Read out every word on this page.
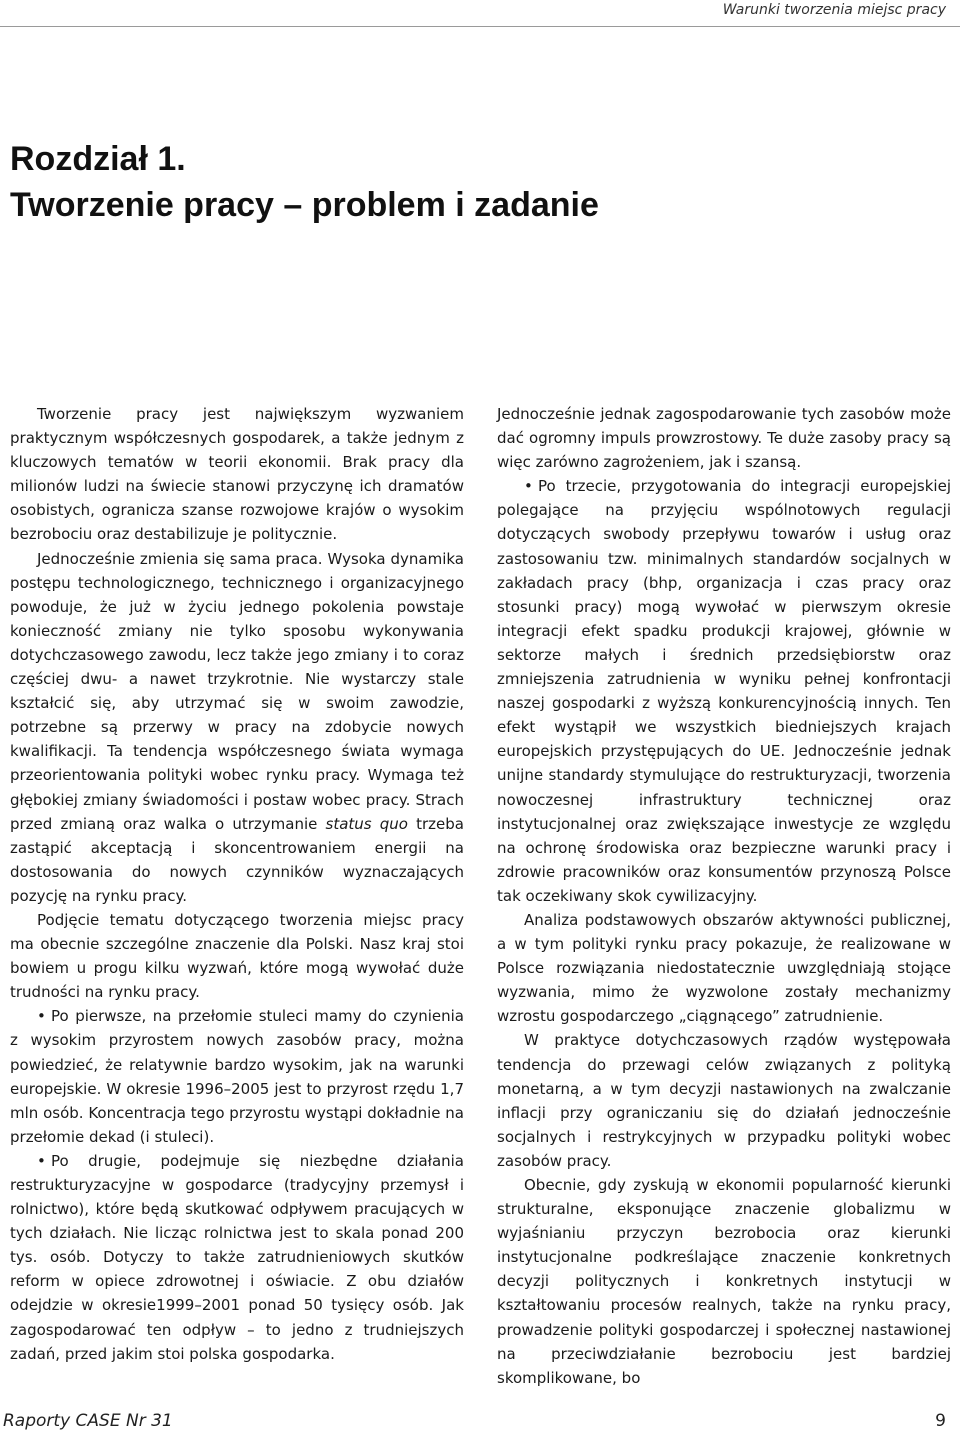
Warunki tworzenia miejsc pracy
Rozdział 1.
Tworzenie pracy – problem i zadanie

Tworzenie pracy jest największym wyzwaniem praktycznym współczesnych gospodarek, a także jednym z kluczowych tematów w teorii ekonomii. Brak pracy dla milionów ludzi na świecie stanowi przyczynę ich dramatów osobistych, ogranicza szanse rozwojowe krajów o wysokim bezrobociu oraz destabilizuje je politycznie.

Jednocześnie zmienia się sama praca. Wysoka dynamika postępu technologicznego, technicznego i organizacyjnego powoduje, że już w życiu jednego pokolenia powstaje konieczność zmiany nie tylko sposobu wykonywania dotychczasowego zawodu, lecz także jego zmiany i to coraz częściej dwu- a nawet trzykrotnie. Nie wystarczy stale kształcić się, aby utrzymać się w swoim zawodzie, potrzebne są przerwy w pracy na zdobycie nowych kwalifikacji. Ta tendencja współczesnego świata wymaga przeorientowania polityki wobec rynku pracy. Wymaga też głębokiej zmiany świadomości i postaw wobec pracy. Strach przed zmianą oraz walka o utrzymanie status quo trzeba zastąpić akceptacją i skoncentrowaniem energii na dostosowania do nowych czynników wyznaczających pozycję na rynku pracy.

Podjęcie tematu dotyczącego tworzenia miejsc pracy ma obecnie szczególne znaczenie dla Polski. Nasz kraj stoi bowiem u progu kilku wyzwań, które mogą wywołać duże trudności na rynku pracy.

• Po pierwsze, na przełomie stuleci mamy do czynienia z wysokim przyrostem nowych zasobów pracy, można powiedzieć, że relatywnie bardzo wysokim, jak na warunki europejskie. W okresie 1996–2005 jest to przyrost rzędu 1,7 mln osób. Koncentracja tego przyrostu wystąpi dokładnie na przełomie dekad (i stuleci).

• Po drugie, podejmuje się niezbędne działania restrukturyzacyjne w gospodarce (tradycyjny przemysł i rolnictwo), które będą skutkować odpływem pracujących w tych działach. Nie licząc rolnictwa jest to skala ponad 200 tys. osób. Dotyczy to także zatrudnieniowych skutków reform w opiece zdrowotnej i oświacie. Z obu działów odejdzie w okresie1999–2001 ponad 50 tysięcy osób. Jak zagospodarować ten odpływ – to jedno z trudniejszych zadań, przed jakim stoi polska gospodarka.

Jednocześnie jednak zagospodarowanie tych zasobów może dać ogromny impuls prowzrostowy. Te duże zasoby pracy są więc zarówno zagrożeniem, jak i szansą.

• Po trzecie, przygotowania do integracji europejskiej polegające na przyjęciu wspólnotowych regulacji dotyczących swobody przepływu towarów i usług oraz zastosowaniu tzw. minimalnych standardów socjalnych w zakładach pracy (bhp, organizacja i czas pracy oraz stosunki pracy) mogą wywołać w pierwszym okresie integracji efekt spadku produkcji krajowej, głównie w sektorze małych i średnich przedsiębiorstw oraz zmniejszenia zatrudnienia w wyniku pełnej konfrontacji naszej gospodarki z wyższą konkurencyjnością innych. Ten efekt wystąpił we wszystkich biedniejszych krajach europejskich przystępujących do UE. Jednocześnie jednak unijne standardy stymulujące do restrukturyzacji, tworzenia nowoczesnej infrastruktury technicznej oraz instytucjonalnej oraz zwiększające inwestycje ze względu na ochronę środowiska oraz bezpieczne warunki pracy i zdrowie pracowników oraz konsumentów przynoszą Polsce tak oczekiwany skok cywilizacyjny.

Analiza podstawowych obszarów aktywności publicznej, a w tym polityki rynku pracy pokazuje, że realizowane w Polsce rozwiązania niedostatecznie uwzględniają stojące wyzwania, mimo że wyzwolone zostały mechanizmy wzrostu gospodarczego „ciągnącego” zatrudnienie.

W praktyce dotychczasowych rządów występowała tendencja do przewagi celów związanych z polityką monetarną, a w tym decyzji nastawionych na zwalczanie inflacji przy ograniczaniu się do działań jednocześnie socjalnych i restrykcyjnych w przypadku polityki wobec zasobów pracy.

Obecnie, gdy zyskują w ekonomii popularność kierunki strukturalne, eksponujące znaczenie globalizmu w wyjaśnianiu przyczyn bezrobocia oraz kierunki instytucjonalne podkreślające znaczenie konkretnych decyzji politycznych i konkretnych instytucji w kształtowaniu procesów realnych, także na rynku pracy, prowadzenie polityki gospodarczej i społecznej nastawionej na przeciwdziałanie bezrobociu jest bardziej skomplikowane, bo

Raporty CASE Nr 31	9
